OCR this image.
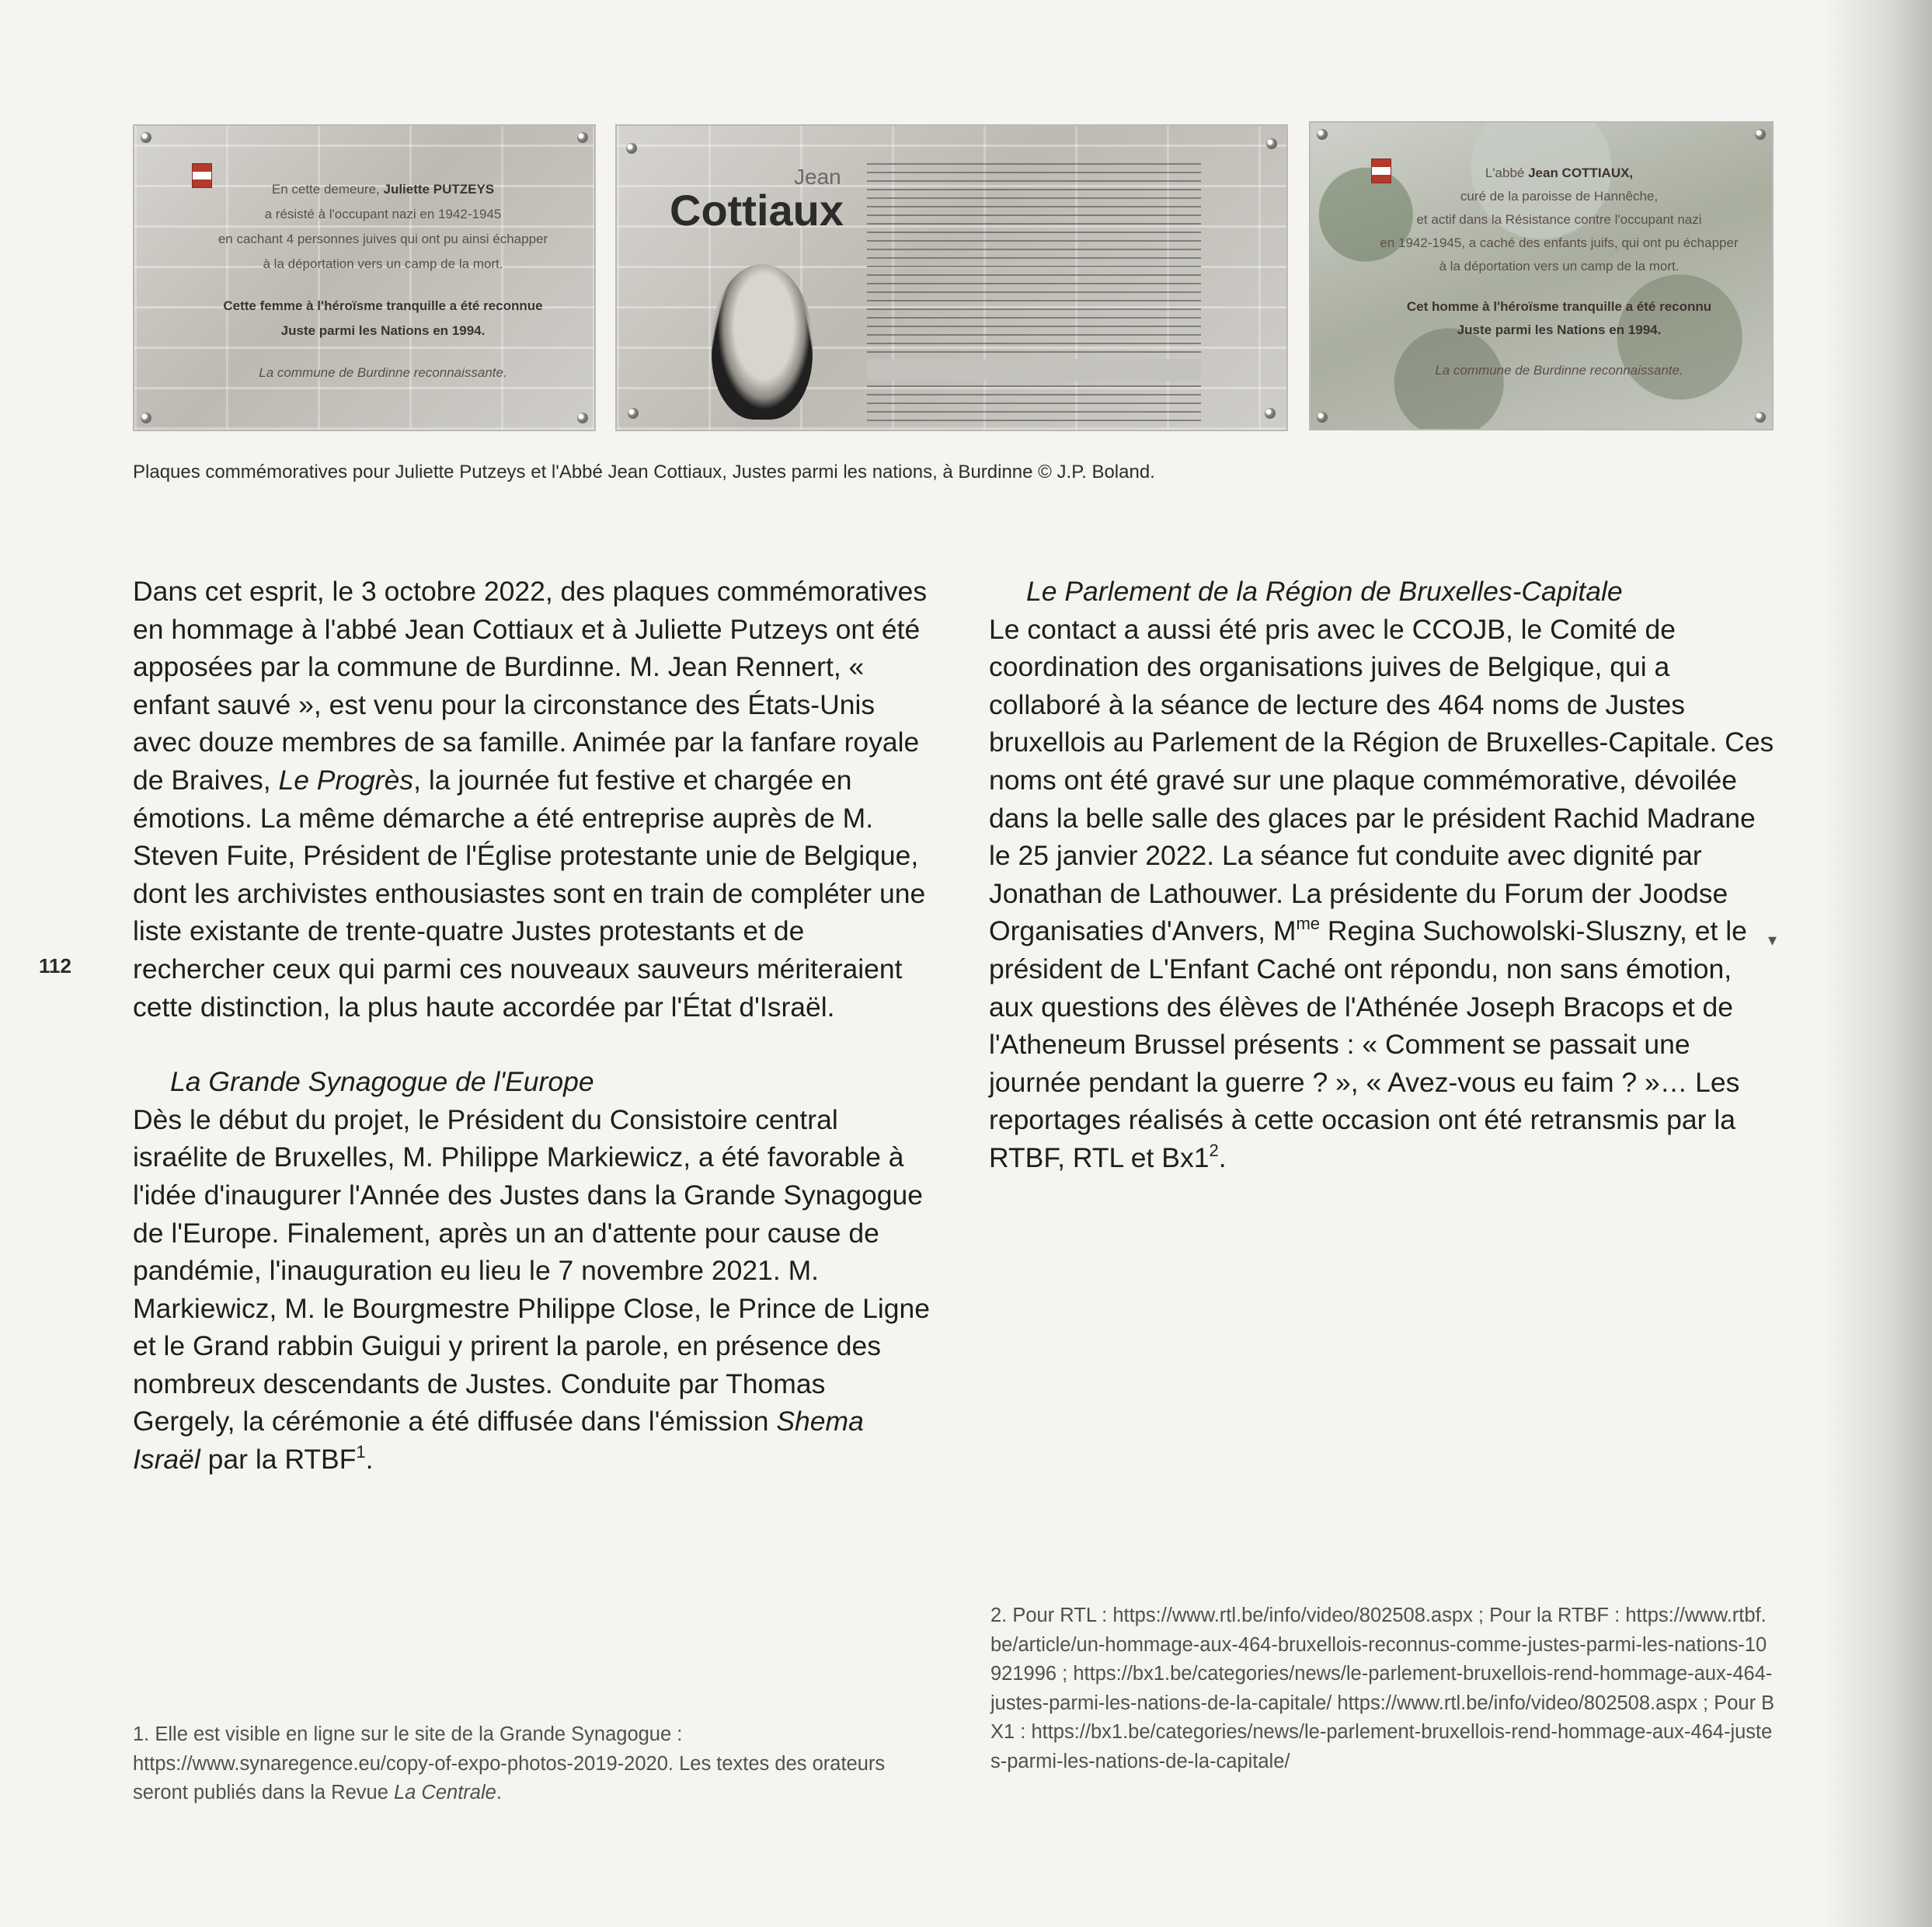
En cette demeure, Juliette PUTZEYS
a résisté à l'occupant nazi en 1942-1945
en cachant 4 personnes juives qui ont pu ainsi échapper
à la déportation vers un camp de la mort.
Cette femme à l'héroïsme tranquille a été reconnue
Juste parmi les Nations en 1994.
La commune de Burdinne reconnaissante.
Jean
Cottiaux
L'abbé Jean COTTIAUX,
curé de la paroisse de Hannêche,
et actif dans la Résistance contre l'occupant nazi
en 1942-1945, a caché des enfants juifs, qui ont pu échapper
à la déportation vers un camp de la mort.
Cet homme à l'héroïsme tranquille a été reconnu
Juste parmi les Nations en 1994.
La commune de Burdinne reconnaissante.
Plaques commémoratives pour Juliette Putzeys et l'Abbé Jean Cottiaux, Justes parmi les nations, à Burdinne © J.P. Boland.
112

Dans cet esprit, le 3 octobre 2022, des plaques commémoratives en hommage à l'abbé Jean Cottiaux et à Juliette Putzeys ont été apposées par la commune de Burdinne. M. Jean Rennert, « enfant sauvé », est venu pour la circonstance des États-Unis avec douze membres de sa famille. Animée par la fanfare royale de Braives, Le Progrès, la journée fut festive et chargée en émotions. La même démarche a été entreprise auprès de M. Steven Fuite, Président de l'Église protestante unie de Belgique, dont les archivistes enthousiastes sont en train de compléter une liste existante de trente-quatre Justes protestants et de rechercher ceux qui parmi ces nouveaux sauveurs mériteraient cette distinction, la plus haute accordée par l'État d'Israël.

La Grande Synagogue de l'Europe

Dès le début du projet, le Président du Consistoire central israélite de Bruxelles, M. Philippe Markiewicz, a été favorable à l'idée d'inaugurer l'Année des Justes dans la Grande Synagogue de l'Europe. Finalement, après un an d'attente pour cause de pandémie, l'inauguration eu lieu le 7 novembre 2021. M. Markiewicz, M. le Bourgmestre Philippe Close, le Prince de Ligne et le Grand rabbin Guigui y prirent la parole, en présence des nombreux descendants de Justes. Conduite par Thomas Gergely, la cérémonie a été diffusée dans l'émission Shema Israël par la RTBF$^1$.

Le Parlement de la Région de Bruxelles-Capitale

Le contact a aussi été pris avec le CCOJB, le Comité de coordination des organisations juives de Belgique, qui a collaboré à la séance de lecture des 464 noms de Justes bruxellois au Parlement de la Région de Bruxelles-Capitale. Ces noms ont été gravé sur une plaque commémorative, dévoilée dans la belle salle des glaces par le président Rachid Madrane le 25 janvier 2022. La séance fut conduite avec dignité par Jonathan de Lathouwer. La présidente du Forum der Joodse Organisaties d'Anvers, $M^{me}$ Regina Suchowolski-Sluszny, et le président de L'Enfant Caché ont répondu, non sans émotion, aux questions des élèves de l'Athénée Joseph Bracops et de l'Atheneum Brussel présents : « Comment se passait une journée pendant la guerre ? », « Avez-vous eu faim ? »… Les reportages réalisés à cette occasion ont été retransmis par la RTBF, RTL et $Bx1^2$.

▾

1. Elle est visible en ligne sur le site de la Grande Synagogue : https://www.synaregence.eu/copy-of-expo-photos-2019-2020. Les textes des orateurs seront publiés dans la Revue La Centrale.

2. Pour RTL : https://www.rtl.be/info/video/802508.aspx ; Pour la RTBF : https://www.rtbf.be/article/un-hommage-aux-464-bruxellois-reconnus-comme-justes-parmi-les-nations-10921996 ; https://bx1.be/categories/news/le-parlement-bruxellois-rend-hommage-aux-464-justes-parmi-les-nations-de-la-capitale/ https://www.rtl.be/info/video/802508.aspx ; Pour BX1 : https://bx1.be/categories/news/le-parlement-bruxellois-rend-hommage-aux-464-justes-parmi-les-nations-de-la-capitale/
